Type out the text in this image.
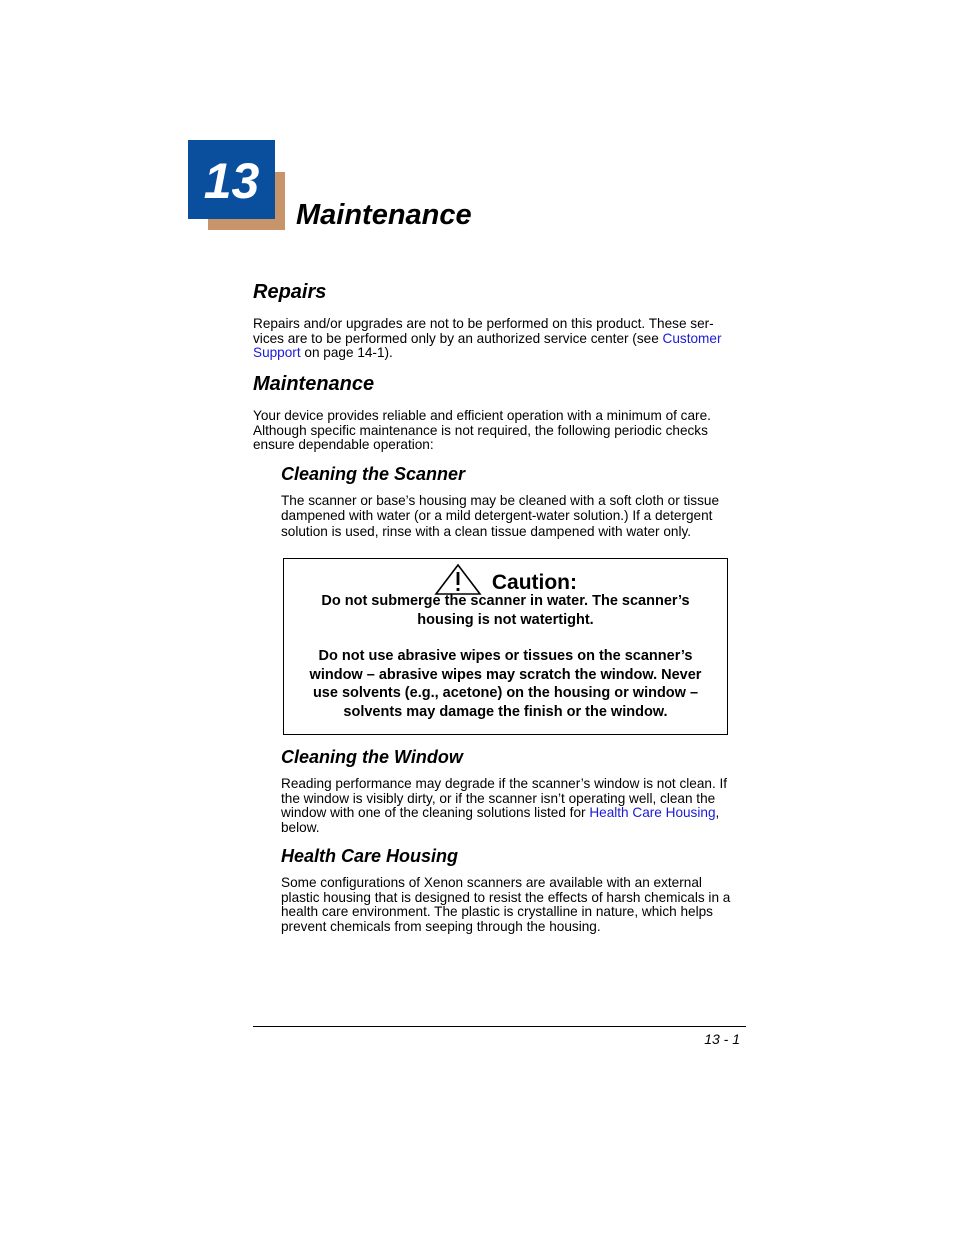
13
Maintenance
Repairs
Repairs and/or upgrades are not to be performed on this product. These ser-
vices are to be performed only by an authorized service center (see Customer
Support on page 14-1).
Maintenance
Your device provides reliable and efficient operation with a minimum of care.
Although specific maintenance is not required, the following periodic checks
ensure dependable operation:
Cleaning the Scanner
The scanner or base’s housing may be cleaned with a soft cloth or tissue
dampened with water (or a mild detergent-water solution.) If a detergent
solution is used, rinse with a clean tissue dampened with water only.
Caution:
Do not submerge the scanner in water. The scanner’s
housing is not watertight.
Do not use abrasive wipes or tissues on the scanner’s
window – abrasive wipes may scratch the window. Never
use solvents (e.g., acetone) on the housing or window –
solvents may damage the finish or the window.
Cleaning the Window
Reading performance may degrade if the scanner’s window is not clean. If
the window is visibly dirty, or if the scanner isn’t operating well, clean the
window with one of the cleaning solutions listed for Health Care Housing,
below.
Health Care Housing
Some configurations of Xenon scanners are available with an external
plastic housing that is designed to resist the effects of harsh chemicals in a
health care environment. The plastic is crystalline in nature, which helps
prevent chemicals from seeping through the housing.
13 - 1
